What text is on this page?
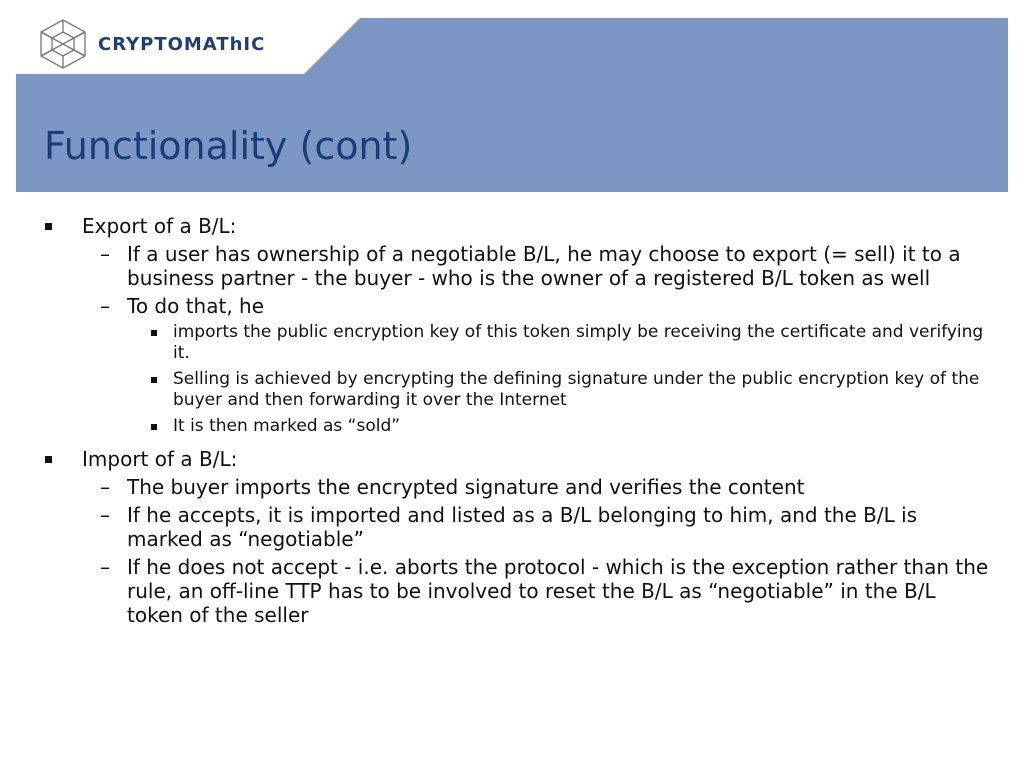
CRYPTOMAThIC
Functionality (cont)
Export of a B/L:
– If a user has ownership of a negotiable B/L, he may choose to export (= sell) it to a business partner - the buyer - who is the owner of a registered B/L token as well
– To do that, he
imports the public encryption key of this token simply be receiving the certificate and verifying it.
Selling is achieved by encrypting the defining signature under the public encryption key of the buyer and then forwarding it over the Internet
It is then marked as “sold”
Import of a B/L:
– The buyer imports the encrypted signature and verifies the content
– If he accepts, it is imported and listed as a B/L belonging to him, and the B/L is marked as “negotiable”
– If he does not accept - i.e. aborts the protocol - which is the exception rather than the rule, an off-line TTP has to be involved to reset the B/L as “negotiable” in the B/L token of the seller
